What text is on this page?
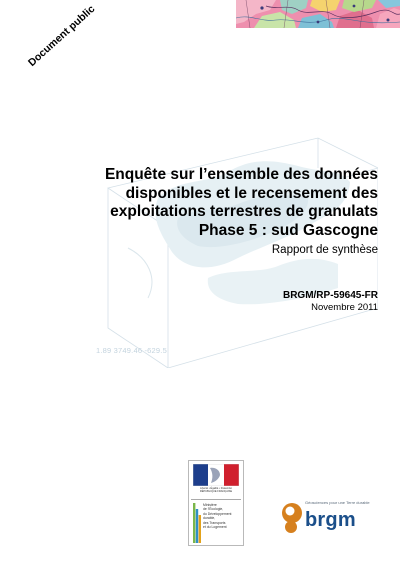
1.89 3749.46 -629.5
Document public
Enquête sur l’ensemble des données
disponibles et le recensement des
exploitations terrestres de granulats
Phase 5 : sud Gascogne
Rapport de synthèse
BRGM/RP-59645-FR
Novembre 2011
Liberté • Égalité • Fraternité
RÉPUBLIQUE FRANÇAISE
Ministère
de l’Écologie,
du Développement
durable,
des Transports
et du Logement
Géosciences pour une Terre durable
brgm
